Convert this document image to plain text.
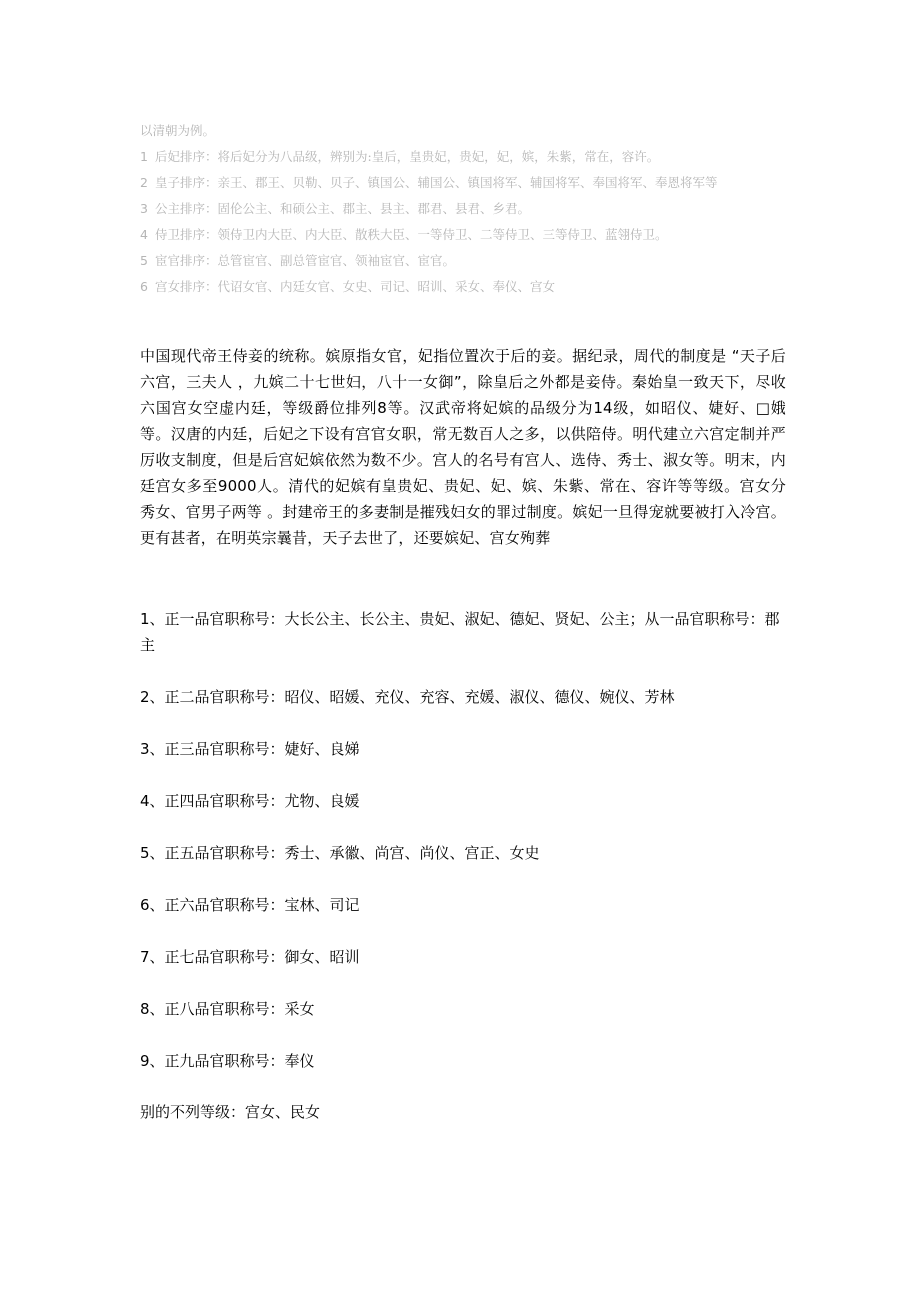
以清朝为例。
1 后妃排序：将后妃分为八品级，辨别为:皇后，皇贵妃，贵妃，妃，嫔，朱紫，常在，容许。
2 皇子排序：亲王、郡王、贝勒、贝子、镇国公、辅国公、镇国将军、辅国将军、奉国将军、奉恩将军等
3 公主排序：固伦公主、和硕公主、郡主、县主、郡君、县君、乡君。
4 侍卫排序：领侍卫内大臣、内大臣、散秩大臣、一等侍卫、二等侍卫、三等侍卫、蓝翎侍卫。
5 宦官排序：总管宦官、副总管宦官、领袖宦官、宦官。
6 宫女排序：代诏女官、内廷女官、女史、司记、昭训、采女、奉仪、宫女
中国现代帝王侍妾的统称。嫔原指女官，妃指位置次于后的妾。据纪录，周代的制度是 “天子后六宫，三夫人 ，九嫔二十七世妇，八十一女御”，除皇后之外都是妾侍。秦始皇一致天下，尽收六国宫女空虚内廷，等级爵位排列8等。汉武帝将妃嫔的品级分为14级，如昭仪、婕好、□娥等。汉唐的内廷，后妃之下设有宫官女职，常无数百人之多，以供陪侍。明代建立六宫定制并严厉收支制度，但是后宫妃嫔依然为数不少。宫人的名号有宫人、选侍、秀士、淑女等。明末，内廷宫女多至9000人。清代的妃嫔有皇贵妃、贵妃、妃、嫔、朱紫、常在、容许等等级。宫女分秀女、官男子两等 。封建帝王的多妻制是摧残妇女的罪过制度。嫔妃一旦得宠就要被打入冷宫。更有甚者，在明英宗曩昔，天子去世了，还要嫔妃、宫女殉葬
1、正一品官职称号：大长公主、长公主、贵妃、淑妃、德妃、贤妃、公主；从一品官职称号：郡主
2、正二品官职称号：昭仪、昭媛、充仪、充容、充媛、淑仪、德仪、婉仪、芳林
3、正三品官职称号：婕好、良娣
4、正四品官职称号：尤物、良媛
5、正五品官职称号：秀士、承徽、尚宫、尚仪、宫正、女史
6、正六品官职称号：宝林、司记
7、正七品官职称号：御女、昭训
8、正八品官职称号：采女
9、正九品官职称号：奉仪
别的不列等级：宫女、民女
